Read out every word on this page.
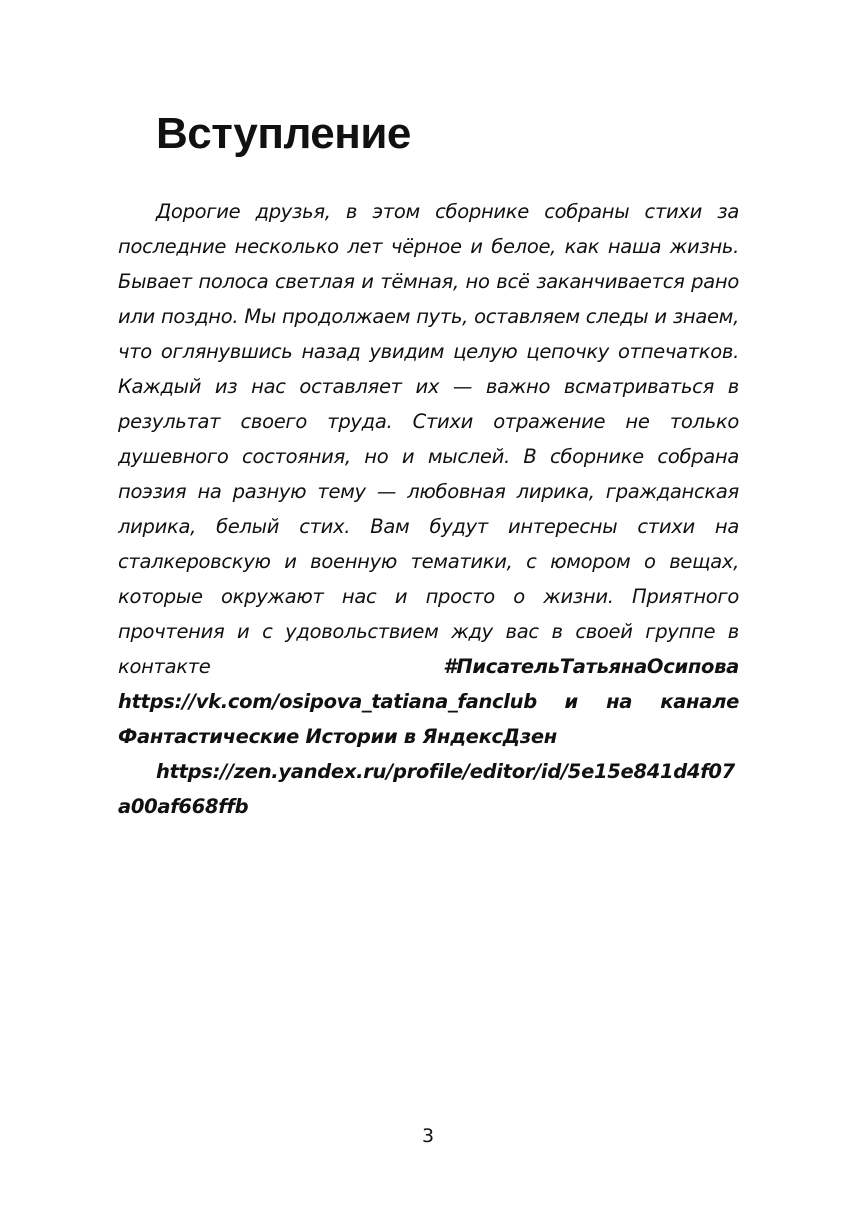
Вступление

Дорогие друзья, в этом сборнике собраны стихи за последние несколько лет чёрное и белое, как наша жизнь. Бывает полоса светлая и тёмная, но всё заканчивается рано или поздно. Мы продолжаем путь, оставляем следы и знаем, что оглянувшись назад увидим целую цепочку отпечатков. Каждый из нас оставляет их — важно всматриваться в результат своего труда. Стихи отражение не только душевного состояния, но и мыслей. В сборнике собрана поэзия на разную тему — любовная лирика, гражданская лирика, белый стих. Вам будут интересны стихи на сталкеровскую и военную тематики, с юмором о вещах, которые окружают нас и просто о жизни. Приятного прочтения и с удовольствием жду вас в своей группе в контакте	#ПисательТатьянаОсипова https://vk.com/osipova_tatiana_fanclub и на канале Фантастические Истории в ЯндексДзен

https://zen.yandex.ru/profile/editor/id/5e15e841d4f07a00af668ffb

3
